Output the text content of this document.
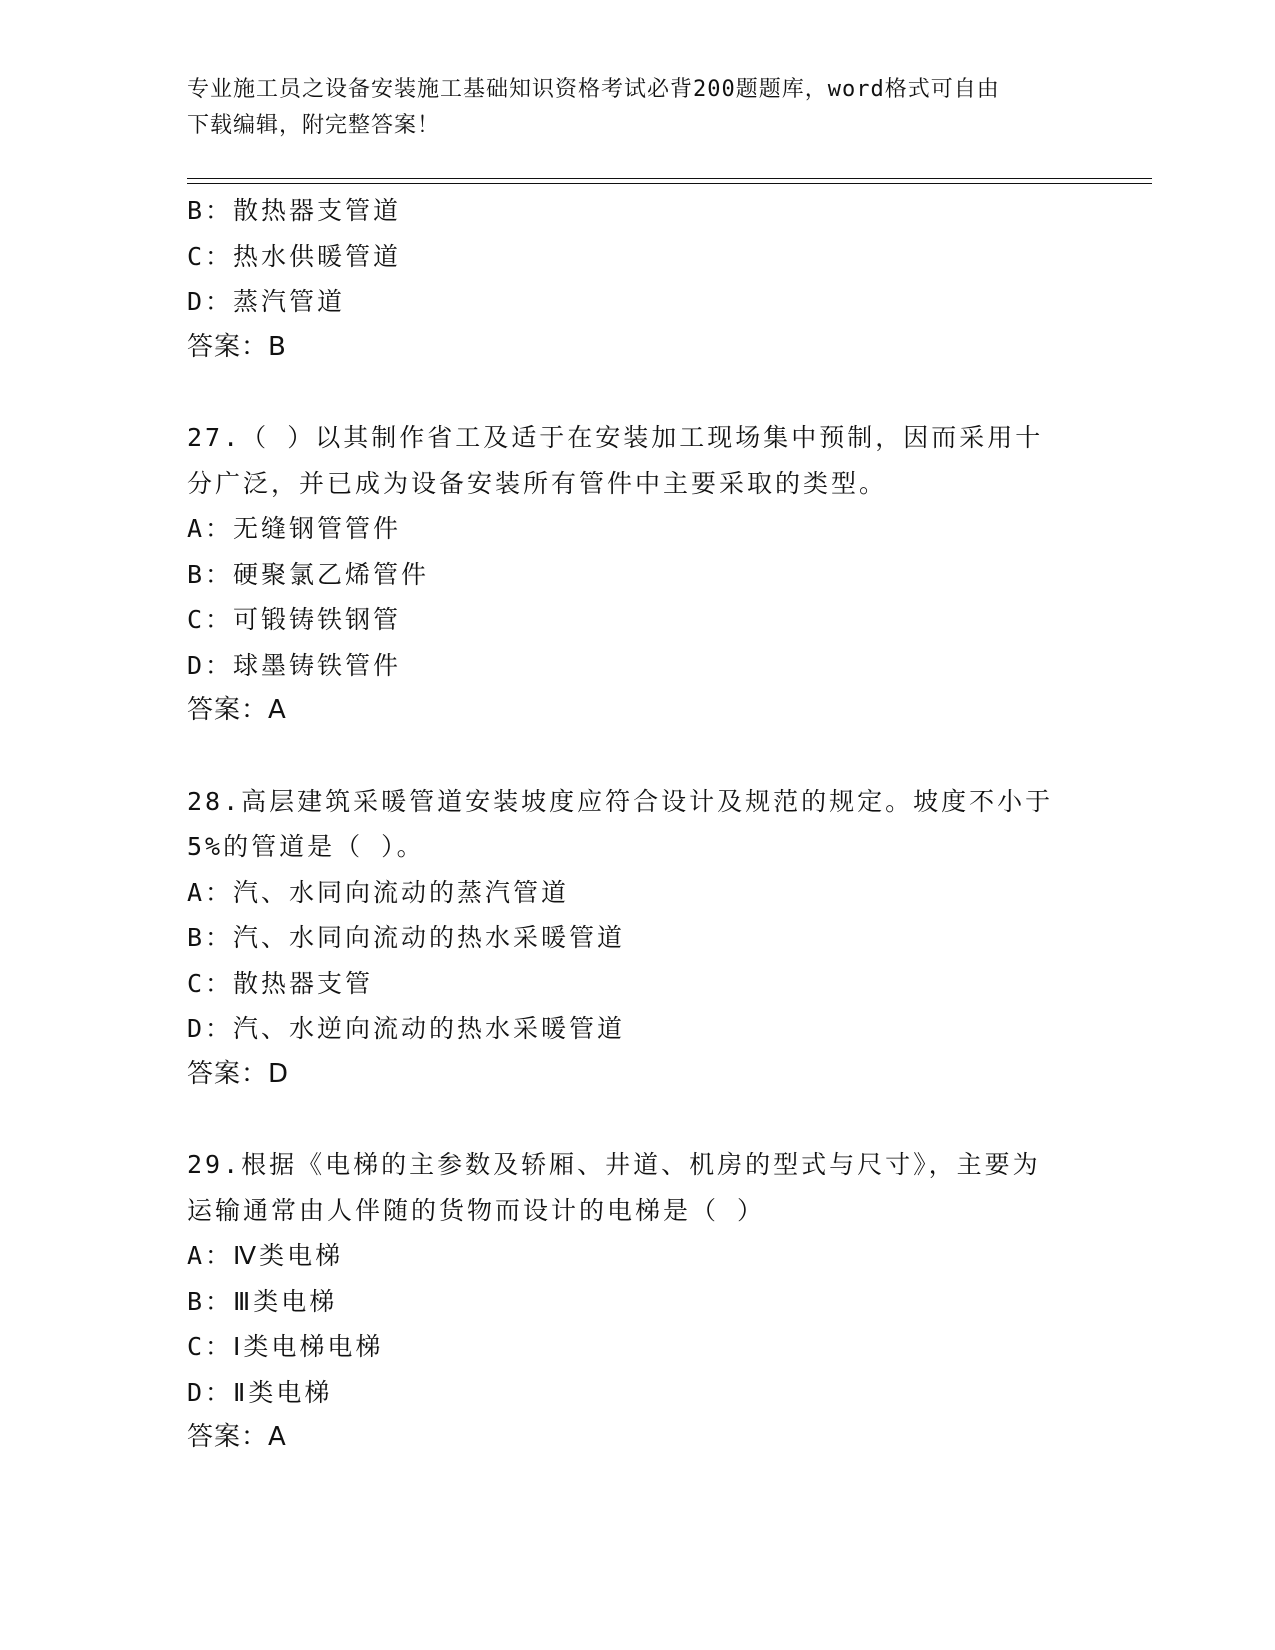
专业施工员之设备安装施工基础知识资格考试必背200题题库，word格式可自由
下载编辑，附完整答案！
B：散热器支管道
C：热水供暖管道
D：蒸汽管道
答案：B
27.（ ）以其制作省工及适于在安装加工现场集中预制，因而采用十
分广泛，并已成为设备安装所有管件中主要采取的类型。
A：无缝钢管管件
B：硬聚氯乙烯管件
C：可锻铸铁钢管
D：球墨铸铁管件
答案：A
28.高层建筑采暖管道安装坡度应符合设计及规范的规定。坡度不小于
5%的管道是（ ）。
A：汽、水同向流动的蒸汽管道
B：汽、水同向流动的热水采暖管道
C：散热器支管
D：汽、水逆向流动的热水采暖管道
答案：D
29.根据《电梯的主参数及轿厢、井道、机房的型式与尺寸》，主要为
运输通常由人伴随的货物而设计的电梯是（ ）
A：Ⅳ类电梯
B：Ⅲ类电梯
C：Ⅰ类电梯电梯
D：Ⅱ类电梯
答案：A
